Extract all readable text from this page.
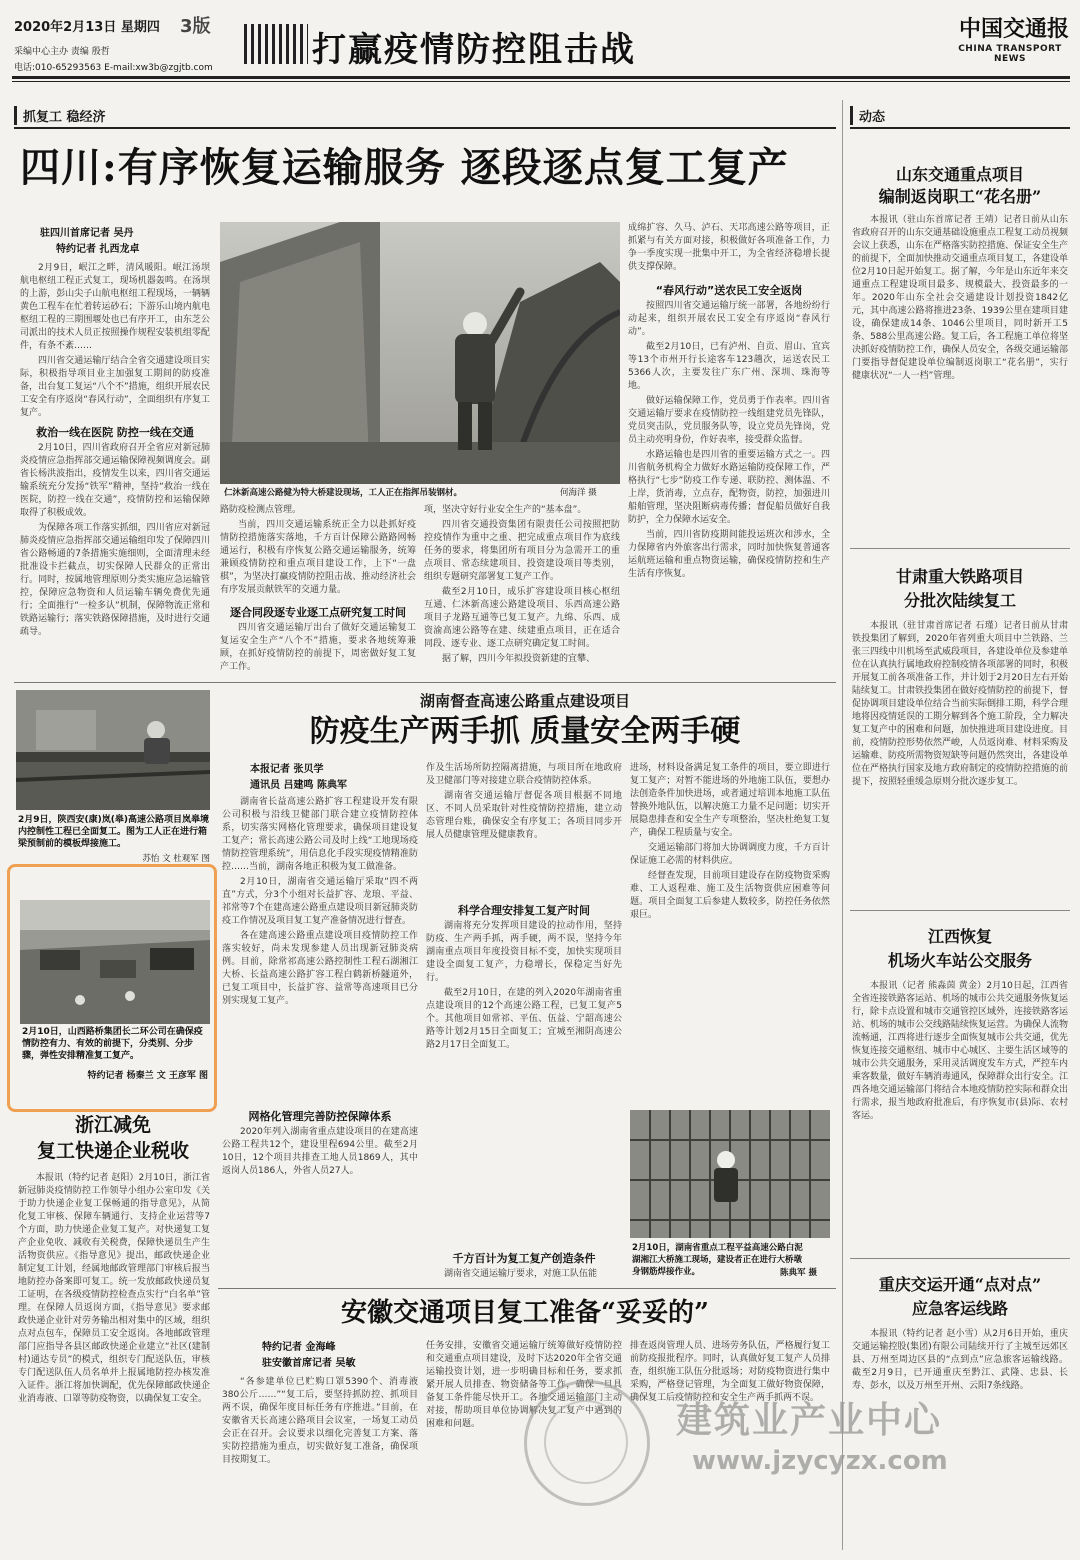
2020年2月13日 星期四 3版
采编中心主办 责编 殷哲
电话:010-65293563 E-mail:xw3b@zgjtb.com	打赢疫情防控阻击战
中国交通报
CHINA TRANSPORT NEWS
抓复工 稳经济	动态
四川:有序恢复运输服务 逐段逐点复工复产
驻四川首席记者 吴丹
特约记者 扎西龙卓

2月9日，岷江之畔，清风暖阳。岷江汤坝航电枢纽工程正式复工，现场机器轰鸣。在汤坝的上游，彭山尖子山航电枢纽工程现场，一辆辆黄色工程车在忙着转运砂石；下游乐山境内航电枢纽工程的三期围堰处也已有序开工，由东芝公司派出的技术人员正按照操作规程安装机组零配件，有条不紊……

四川省交通运输厅结合全省交通建设项目实际，积极指导项目业主加强复工期间的防疫准备，出台复工复运“八个不”措施，组织开展农民工安全有序返岗“春风行动”，全面组织有序复工复产。

救治一线在医院 防控一线在交通

2月10日，四川省政府召开全省应对新冠肺炎疫情应急指挥部交通运输保障视频调度会。副省长杨洪波指出，疫情发生以来，四川省交通运输系统充分发扬“铁军”精神，坚持“救治一线在医院，防控一线在交通”，疫情防控和运输保障取得了积极成效。

为保障各项工作落实抓细，四川省应对新冠肺炎疫情应急指挥部交通运输组印发了保障四川省公路畅通的7条措施实施细则，全面清理未经批准设卡拦截点，切实保障人民群众的正常出行。同时，按属地管理原则分类实施应急运输管控，保障应急物资和人员运输车辆免费优先通行；全面推行“一检多认”机制，保障物流正常和铁路运输行；落实铁路保障措施，及时进行交通疏导。

仁沐新高速公路健为特大桥建设现场，工人正在指挥吊装钢材。	何海洋 摄

路防疫检测点管理。

当前，四川交通运输系统正全力以赴抓好疫情防控措施落实落地，千方百计保障公路路网畅通运行，积极有序恢复公路交通运输服务，统筹兼顾疫情防控和重点项目建设工作，上下“一盘棋”，为坚决打赢疫情防控阻击战、推动经济社会有序发展贡献铁军的交通力量。

逐合同段逐专业逐工点研究复工时间

四川省交通运输厅出台了做好交通运输复工复运安全生产“八个不”措施，要求各地统筹兼顾，在抓好疫情防控的前提下，周密做好复工复产工作。

项，坚决守好行业安全生产的“基本盘”。

四川省交通投资集团有限责任公司按照把防控疫情作为重中之重、把完成重点项目作为底线任务的要求，将集团所有项目分为急需开工的重点项目、常态续建项目、投资建设项目等类别，组织专题研究部署复工复产工作。

截至2月10日，成乐扩容建设项目核心枢纽互通、仁沐新高速公路建设项目、乐西高速公路项目子龙路互通等已复工复产。九绵、乐西、成资渝高速公路等在建、续建重点项目，正在适合同段、逐专业、逐工点研究确定复工时间。

据了解，四川今年拟投资新建的宜攀、

成绵扩容、久马、泸石、天邛高速公路等项目，正抓紧与有关方面对接，积极做好各项准备工作，力争一季度实现一批集中开工，为全省经济稳增长提供支撑保障。

“春风行动”送农民工安全返岗

按照四川省交通运输厅统一部署，各地纷纷行动起来，组织开展农民工安全有序返岗“春风行动”。

截至2月10日，已有泸州、自贡、眉山、宜宾等13个市州开行长途客车123趟次，运送农民工5366人次，主要发往广东广州、深圳、珠海等地。

做好运输保障工作，党员勇于作表率。四川省交通运输厅要求在疫情防控一线组建党员先锋队，党员突击队，党员服务队等，设立党员先锋岗，党员主动亮明身份，作好表率，接受群众监督。

水路运输也是四川省的重要运输方式之一。四川省航务机构全力做好水路运输防疫保障工作，严格执行“七步”防疫工作专递、联防控、测体温、不上岸，货消毒，立点存，配物资，防控，加强进川船舶管理，坚决阻断病毒传播；督促船员做好自我防护，全力保障水运安全。

当前，四川省防疫期间能投运班次和涉水，全力保障省内外旅客出行需求，同时加快恢复普通客运航班运输和重点物资运输，确保疫情防控和生产生活有序恢复。

2月9日，陕西安(康)岚(皋)高速公路项目岚皋境内控制性工程已全面复工。图为工人正在进行箱梁预制前的模板焊接施工。
苏怡 文 杜观军 图
2月10日，山西路桥集团长二环公司在确保疫情防控有力、有效的前提下，分类别、分步骤，弹性安排精准复工复产。
特约记者 杨秦兰 文 王彦军 图
浙江减免
复工快递企业税收

本报讯（特约记者 赵阳）2月10日，浙江省新冠肺炎疫情防控工作领导小组办公室印发《关于助力快递企业复工保畅通的指导意见》，从简化复工审核、保障车辆通行、支持企业运营等7个方面，助力快递企业复工复产。对快递复工复产企业免收、减收有关税费，保障快递员生产生活物资供应。《指导意见》提出，邮政快递企业制定复工计划，经属地邮政管理部门审核后报当地防控办备案即可复工。统一发放邮政快递员复工证明，在各级疫情防控检查点实行“白名单”管理。在保障人员返岗方面，《指导意见》要求邮政快递企业针对劳务输出相对集中的区域，组织点对点包车，保障员工安全返岗。各地邮政管理部门应指导各县区邮政快递企业建立“社区(建制村)通达专员”的模式，组织专门配送队伍，审核专门配送队伍人员名单并上报属地防控办核发准入证件。浙江将加快调配，优先保障邮政快递企业消毒液、口罩等防疫物资，以确保复工安全。

湖南督查高速公路重点建设项目
防疫生产两手抓 质量安全两手硬
本报记者 张贝学
通讯员 吕建鸣 陈典军

湖南省长益高速公路扩容工程建设开发有限公司积极与沿线卫健部门联合建立疫情防控体系，切实落实网格化管理要求，确保项目建设复工复产；常长高速公路公司及时上线“工地现场疫情防控管理系统”，用信息化手段实现疫情精准防控……当前，湖南各地正积极为复工做准备。

2月10日，湖南省交通运输厅采取“四不两直”方式，分3个小组对长益扩容、龙琅、平益、祁常等7个在建高速公路重点建设项目新冠肺炎防疫工作情况及项目复工复产准备情况进行督查。

各在建高速公路重点建设项目疫情防控工作落实较好，尚未发现参建人员出现新冠肺炎病例。目前，除常祁高速公路控制性工程石湖湘江大桥、长益高速公路扩容工程白鹤新桥隧道外，已复工项目中，长益扩容、益常等高速项目已分别实现复工复产。

网格化管理完善防控保障体系

2020年列入湖南省重点建设项目的在建高速公路工程共12个，建设里程694公里。截至2月10日，12个项目共排查工地人员1869人，其中返岗人员186人，外省人员27人。

作及生活场所防控隔离措施，与项目所在地政府及卫健部门等对接建立联合疫情防控体系。

湖南省交通运输厅督促各项目根据不同地区、不同人员采取针对性疫情防控措施，建立动态管理台账，确保安全有序复工；各项目同步开展人员健康管理及健康教育。

科学合理安排复工复产时间

湖南将充分发挥项目建设的拉动作用，坚持防疫、生产两手抓，两手硬，两不误，坚持今年湖南重点项目年度投资目标不变，加快实现项目建设全面复工复产，力稳增长，保稳定当好先行。

截至2月10日，在建的列入2020年湖南省重点建设项目的12个高速公路工程，已复工复产5个。其他项目如常祁、平伍、伍益、宁韶高速公路等计划2月15日全面复工；宜城至湘阴高速公路2月17日全面复工。

千方百计为复工复产创造条件

湖南省交通运输厅要求，对施工队伍能

进场，材料设备满足复工条件的项目，要立即进行复工复产；对暂不能进场的外地施工队伍，要想办法创造条件加快进场，或者通过培训本地施工队伍替换外地队伍，以解决施工力量不足问题；切实开展隐患排查和安全生产专项整治，坚决杜绝复工复产，确保工程质量与安全。

交通运输部门将加大协调调度力度，千方百计保证施工必需的材料供应。

经督查发现，目前项目建设存在防疫物资采购难、工人返程难、施工及生活物资供应困难等问题。项目全面复工后参建人数较多，防控任务依然艰巨。

2月10日，湖南省重点工程平益高速公路白泥湖湘江大桥施工现场，建设者正在进行大桥墩身钢筋焊接作业。	陈典军 摄
安徽交通项目复工准备“妥妥的”
特约记者 金海峰
驻安徽首席记者 吴敏

“各参建单位已贮购口罩5390个、消毒液380公斤……”“复工后，要坚持抓防控、抓项目两不误，确保年度目标任务有序推进。”目前，在安徽省天长高速公路项目会议室，一场复工动员会正在召开。会议要求以细化完善复工方案、落实防控措施为重点，切实做好复工准备，确保项目按期复工。

任务安排，安徽省交通运输厅统筹做好疫情防控和交通重点项目建设，及时下达2020年全省交通运输投资计划，进一步明确目标和任务，要求抓紧开展人员排查、物资储备等工作，确保一旦具备复工条件能尽快开工。各地交通运输部门主动对接，帮助项目单位协调解决复工复产中遇到的困难和问题。

排查返岗管理人员、进场劳务队伍，严格履行复工前防疫报批程序。同时，认真做好复工复产人员排查，组织施工队伍分批返场；对防疫物资进行集中采购，严格登记管理，为全面复工做好物资保障，确保复工后疫情防控和安全生产两手抓两不误。

建筑业产业中心
www.jzycyzx.com
山东交通重点项目
编制返岗职工“花名册”

本报讯（驻山东首席记者 王靖）记者日前从山东省政府召开的山东交通基础设施重点工程复工动员视频会议上获悉，山东在严格落实防控措施、保证安全生产的前提下，全面加快推动交通重点项目复工，各建设单位2月10日起开始复工。据了解，今年是山东近年来交通重点工程建设项目最多、规模最大、投资最多的一年。2020年山东全社会交通建设计划投资1842亿元，其中高速公路将推进23条、1939公里在建项目建设，确保建成14条、1046公里项目，同时新开工5条、588公里高速公路。复工后，各工程施工单位将坚决抓好疫情防控工作，确保人员安全，各级交通运输部门要指导督促建设单位编制返岗职工“花名册”，实行健康状况“一人一档”管理。

甘肃重大铁路项目
分批次陆续复工

本报讯（驻甘肃首席记者 石瑾）记者日前从甘肃铁投集团了解到，2020年省列重大项目中兰铁路、兰张三四线中川机场至武威段项目，各建设单位及参建单位在认真执行属地政府控制疫情各项部署的同时，积极开展复工前各项准备工作，并计划于2月20日左右开始陆续复工。甘肃铁投集团在做好疫情防控的前提下，督促协调项目建设单位结合当前实际倒排工期，科学合理地将因疫情延误的工期分解到各个施工阶段，全力解决复工复产中的困难和问题，加快推进项目建设进度。目前，疫情防控形势依然严峻，人员返岗难、材料采购及运输难、防疫所需物资短缺等问题仍然突出，各建设单位在严格执行国家及地方政府制定的疫情防控措施的前提下，按照轻重缓急原则分批次逐步复工。

江西恢复
机场火车站公交服务

本报讯（记者 熊淼茵 黄金）2月10日起，江西省全省连接铁路客运站、机场的城市公共交通服务恢复运行，除卡点设置和城市交通管控区域外，连接铁路客运站、机场的城市公交线路陆续恢复运营。为确保人流物流畅通，江西将进行逐步全面恢复城市公共交通，优先恢复连接交通枢纽、城市中心城区、主要生活区域等的城市公共交通服务，采用灵活调度发车方式，严控车内乘客数量，做好车辆消毒通风，保障群众出行安全。江西各地交通运输部门将结合本地疫情防控实际和群众出行需求，报当地政府批准后，有序恢复市(县)际、农村客运。

重庆交运开通“点对点”
应急客运线路

本报讯（特约记者 赵小雪）从2月6日开始，重庆交通运输控股(集团)有限公司陆续开行了主城至远郊区县、万州至周边区县的“点到点”应急旅客运输线路。截至2月9日，已开通重庆至黔江、武隆、忠县、长寿、彭水，以及万州至开州、云阳7条线路。
